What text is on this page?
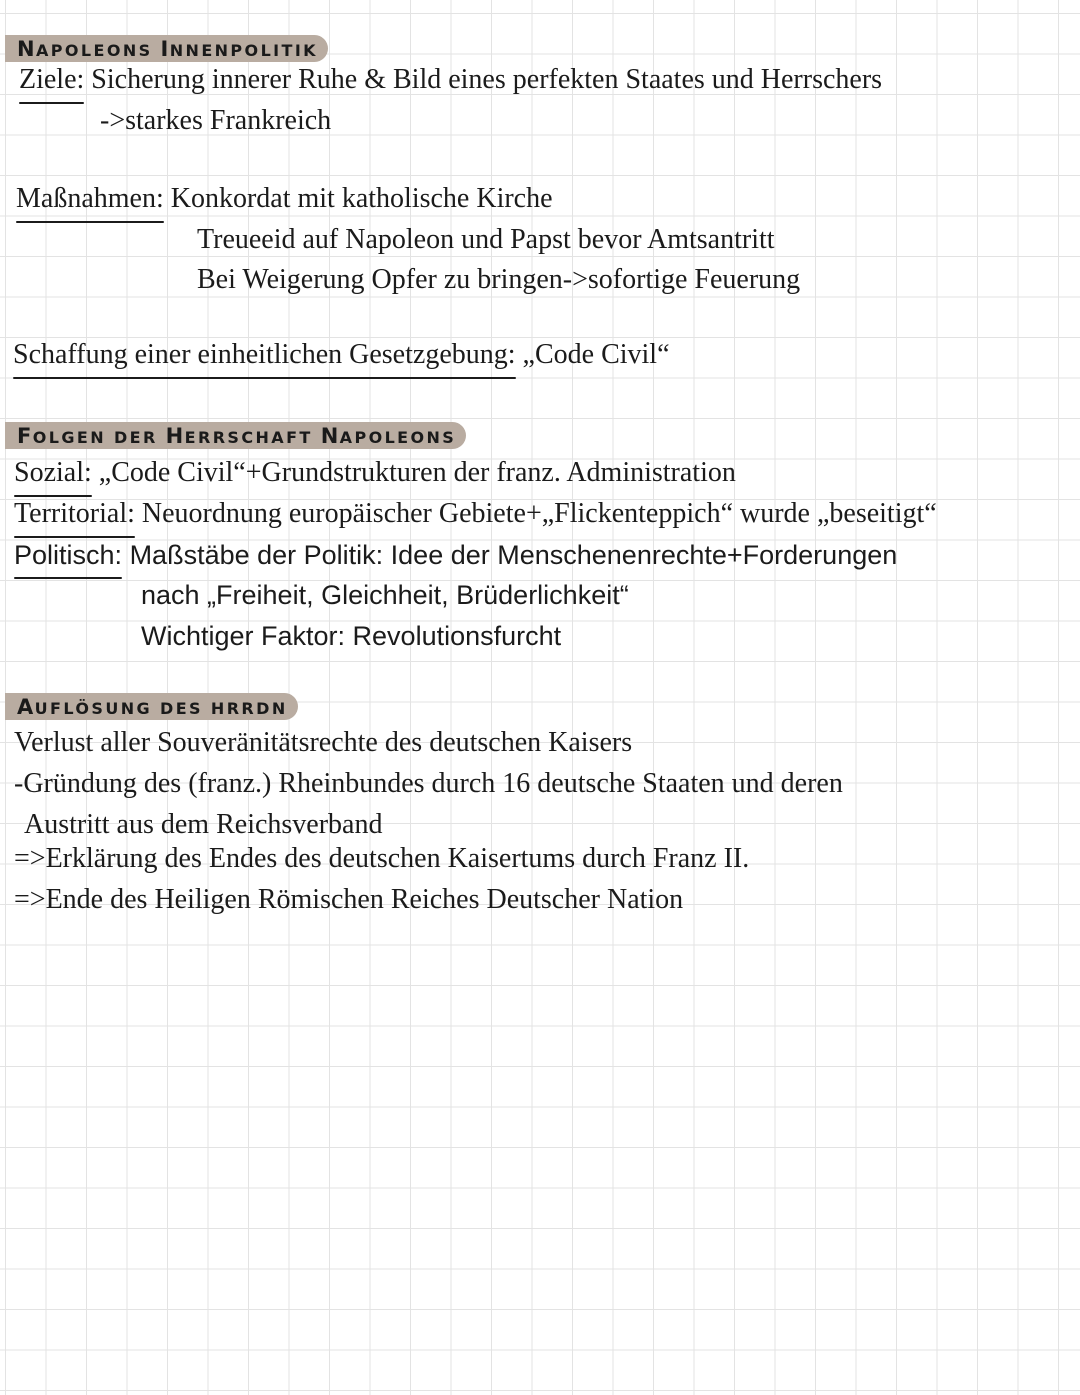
NAPOLEONS INNENPOLITIK
Ziele: Sicherung innerer Ruhe & Bild eines perfekten Staates und Herrschers
->starkes Frankreich
Maßnahmen: Konkordat mit katholische Kirche
Treueeid auf Napoleon und Papst bevor Amtsantritt
Bei Weigerung Opfer zu bringen->sofortige Feuerung
Schaffung einer einheitlichen Gesetzgebung: „Code Civil“
FOLGEN DER HERRSCHAFT NAPOLEONS
Sozial: „Code Civil“+Grundstrukturen der franz. Administration
Territorial: Neuordnung europäischer Gebiete+„Flickenteppich“ wurde „beseitigt“
Politisch: Maßstäbe der Politik: Idee der Menschenenrechte+Forderungen
nach „Freiheit, Gleichheit, Brüderlichkeit“
Wichtiger Faktor: Revolutionsfurcht
AUFLÖSUNG DES HRRDN
Verlust aller Souveränitätsrechte des deutschen Kaisers
-Gründung des (franz.) Rheinbundes durch 16 deutsche Staaten und deren
Austritt aus dem Reichsverband
=>Erklärung des Endes des deutschen Kaisertums durch Franz II.
=>Ende des Heiligen Römischen Reiches Deutscher Nation
